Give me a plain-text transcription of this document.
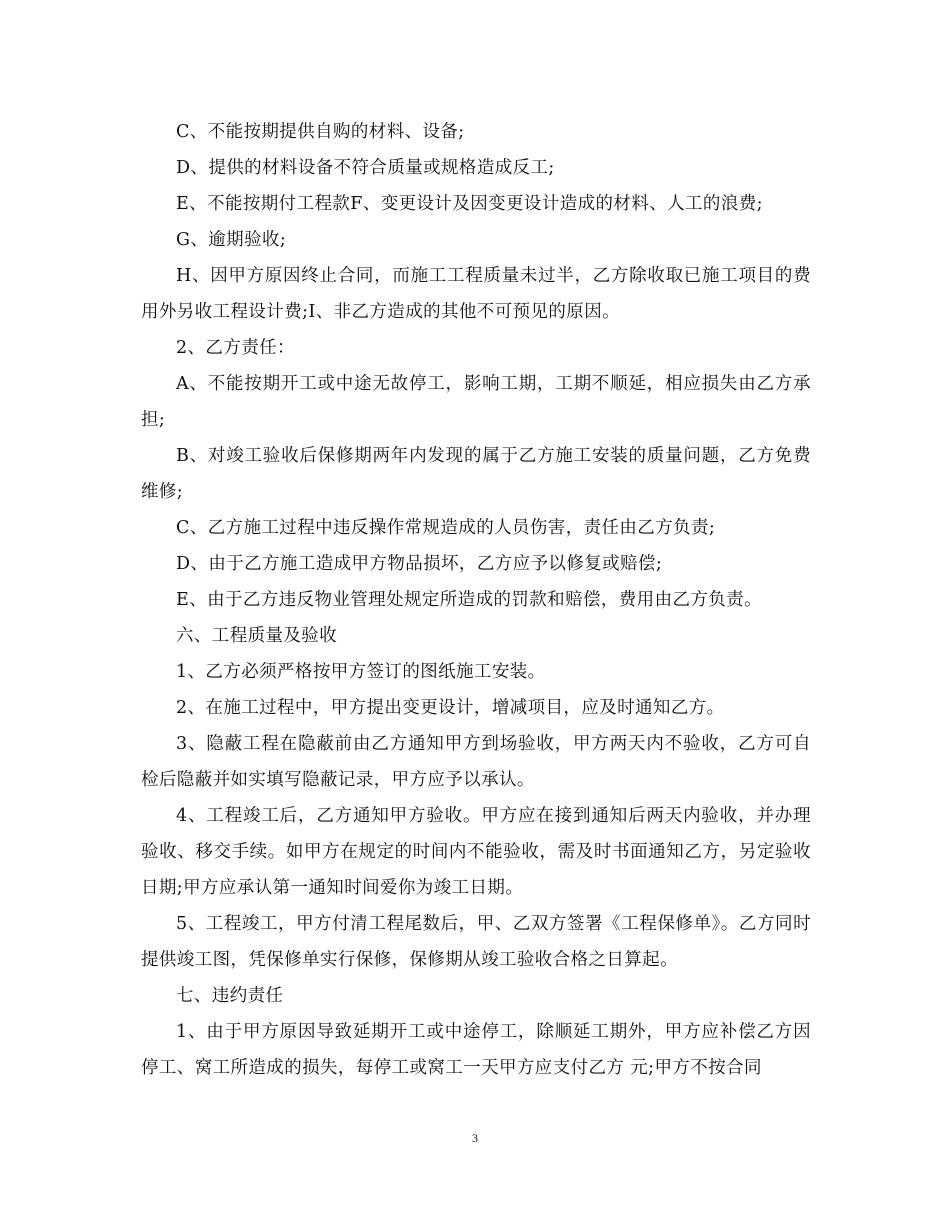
C、不能按期提供自购的材料、设备;

D、提供的材料设备不符合质量或规格造成反工;

E、不能按期付工程款F、变更设计及因变更设计造成的材料、人工的浪费;

G、逾期验收;

H、因甲方原因终止合同，而施工工程质量未过半，乙方除收取已施工项目的费用外另收工程设计费;I、非乙方造成的其他不可预见的原因。

2、乙方责任：

A、不能按期开工或中途无故停工，影响工期，工期不顺延，相应损失由乙方承担;

B、对竣工验收后保修期两年内发现的属于乙方施工安装的质量问题，乙方免费维修;

C、乙方施工过程中违反操作常规造成的人员伤害，责任由乙方负责;

D、由于乙方施工造成甲方物品损坏，乙方应予以修复或赔偿;

E、由于乙方违反物业管理处规定所造成的罚款和赔偿，费用由乙方负责。

六、工程质量及验收

1、乙方必须严格按甲方签订的图纸施工安装。

2、在施工过程中，甲方提出变更设计，增减项目，应及时通知乙方。

3、隐蔽工程在隐蔽前由乙方通知甲方到场验收，甲方两天内不验收，乙方可自检后隐蔽并如实填写隐蔽记录，甲方应予以承认。

4、工程竣工后，乙方通知甲方验收。甲方应在接到通知后两天内验收，并办理验收、移交手续。如甲方在规定的时间内不能验收，需及时书面通知乙方，另定验收日期;甲方应承认第一通知时间爱你为竣工日期。

5、工程竣工，甲方付清工程尾数后，甲、乙双方签署《工程保修单》。乙方同时提供竣工图，凭保修单实行保修，保修期从竣工验收合格之日算起。

七、违约责任

1、由于甲方原因导致延期开工或中途停工，除顺延工期外，甲方应补偿乙方因停工、窝工所造成的损失，每停工或窝工一天甲方应支付乙方 元;甲方不按合同

3
